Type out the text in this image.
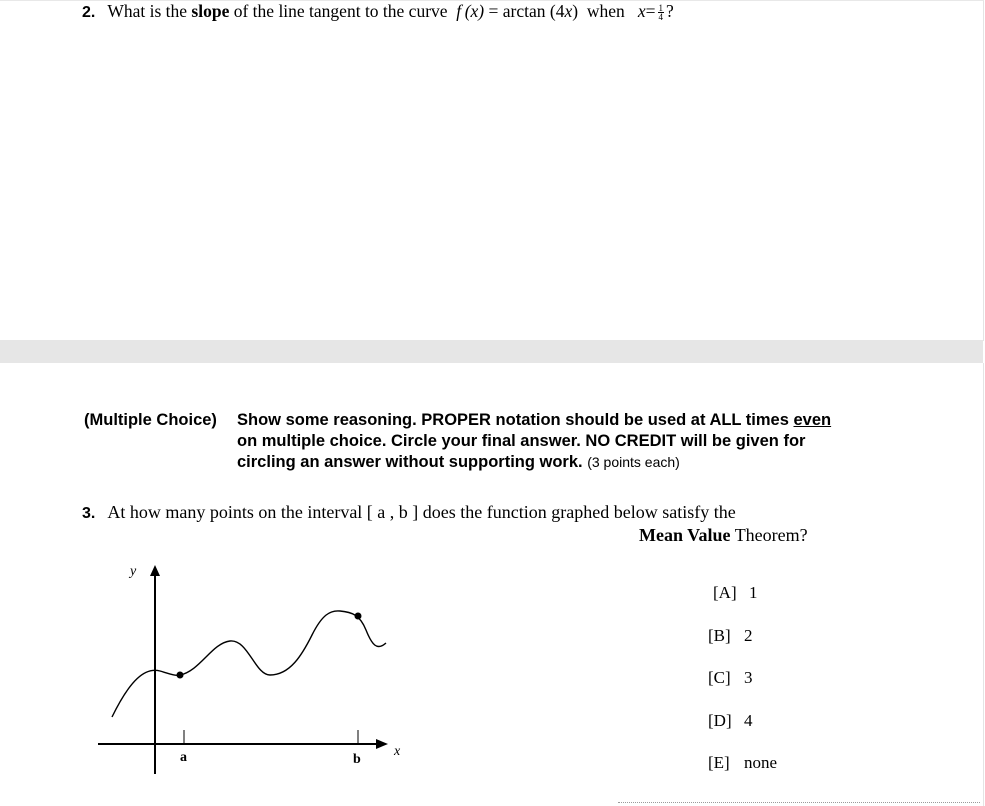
2. What is the slope of the line tangent to the curve f  (x) = arctan (4x) when $x= \frac{1}{4}$ ?
(Multiple Choice) Show some reasoning. PROPER notation should be used at ALL times even
on multiple choice. Circle your final answer. NO CREDIT will be given for
circling an answer without supporting work. (3 points each)
3. At how many points on the interval [ a , b ] does the function graphed below satisfy the
Mean Value Theorem?
y
x
a	b
[A] 1
[B] 2
[C] 3
[D] 4
[E] none
